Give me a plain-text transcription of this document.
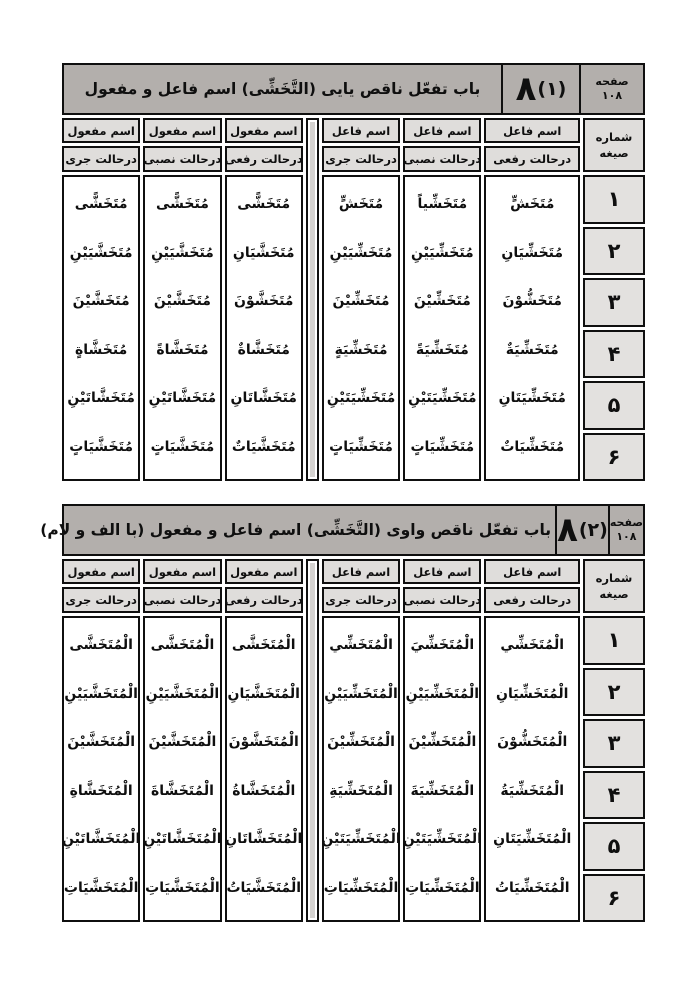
صفحه
۱۰۸
۸ (۱)
باب تفعّل ناقص یایی (التَّخَشِّی) اسم فاعل و مفعول
شماره
صیغه
۱
۲
۳
۴
۵
۶
اسم فاعل
درحالت رفعی
مُتَخَشٍّ
مُتَخَشِّيَانِ
مُتَخَشُّوْنَ
مُتَخَشِّيَةٌ
مُتَخَشِّيَتَانِ
مُتَخَشِّيَاتٌ
اسم فاعل
درحالت نصبی
مُتَخَشِّياً
مُتَخَشِّيَيْنِ
مُتَخَشِّيْنَ
مُتَخَشِّيَةً
مُتَخَشِّيَتَيْنِ
مُتَخَشِّيَاتٍ
اسم فاعل
درحالت جری
مُتَخَشٍّ
مُتَخَشِّيَيْنِ
مُتَخَشِّيْنَ
مُتَخَشِّيَةٍ
مُتَخَشِّيَتَيْنِ
مُتَخَشِّيَاتٍ
اسم مفعول
درحالت رفعی
مُتَخَشًّى
مُتَخَشَّيَانِ
مُتَخَشَّوْنَ
مُتَخَشَّاةٌ
مُتَخَشَّاتَانِ
مُتَخَشَّيَاتٌ
اسم مفعول
درحالت نصبی
مُتَخَشًّى
مُتَخَشَّيَيْنِ
مُتَخَشَّيْنَ
مُتَخَشَّاةً
مُتَخَشَّاتَيْنِ
مُتَخَشَّيَاتٍ
اسم مفعول
درحالت جری
مُتَخَشًّى
مُتَخَشَّيَيْنِ
مُتَخَشَّيْنَ
مُتَخَشَّاةٍ
مُتَخَشَّاتَيْنِ
مُتَخَشَّيَاتٍ
صفحه
۱۰۸
۸ (۲)
باب تفعّل ناقص واوی (التَّخَشِّی) اسم فاعل و مفعول (با الف و لام)
شماره
صیغه
۱
۲
۳
۴
۵
۶
اسم فاعل
درحالت رفعی
الْمُتَخَشِّي
الْمُتَخَشِّيَانِ
الْمُتَخَشُّوْنَ
الْمُتَخَشِّيَةُ
الْمُتَخَشِّيَتَانِ
الْمُتَخَشِّيَاتُ
اسم فاعل
درحالت نصبی
الْمُتَخَشِّيَ
الْمُتَخَشِّيَيْنِ
الْمُتَخَشِّيْنَ
الْمُتَخَشِّيَةَ
الْمُتَخَشِّيَتَيْنِ
الْمُتَخَشِّيَاتِ
اسم فاعل
درحالت جری
الْمُتَخَشِّي
الْمُتَخَشِّيَيْنِ
الْمُتَخَشِّيْنَ
الْمُتَخَشِّيَةِ
الْمُتَخَشِّيَتَيْنِ
الْمُتَخَشِّيَاتِ
اسم مفعول
درحالت رفعی
الْمُتَخَشَّى
الْمُتَخَشَّيَانِ
الْمُتَخَشَّوْنَ
الْمُتَخَشَّاةُ
الْمُتَخَشَّاتَانِ
الْمُتَخَشَّيَاتُ
اسم مفعول
درحالت نصبی
الْمُتَخَشَّى
الْمُتَخَشَّيَيْنِ
الْمُتَخَشَّيْنَ
الْمُتَخَشَّاةَ
الْمُتَخَشَّاتَيْنِ
الْمُتَخَشَّيَاتِ
اسم مفعول
درحالت جری
الْمُتَخَشَّى
الْمُتَخَشَّيَيْنِ
الْمُتَخَشَّيْنَ
الْمُتَخَشَّاةِ
الْمُتَخَشَّاتَيْنِ
الْمُتَخَشَّيَاتِ
